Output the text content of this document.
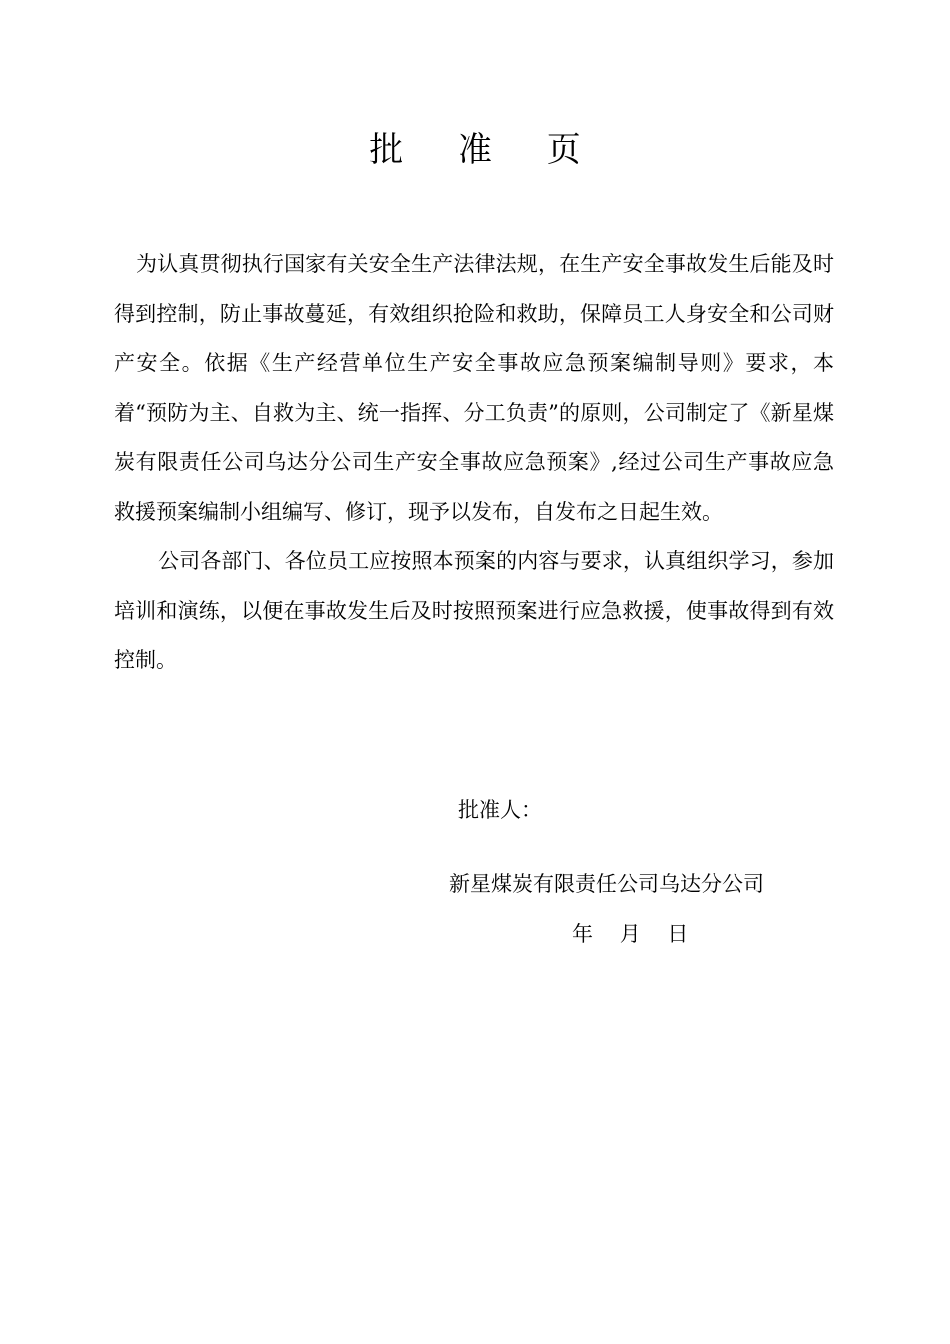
批 准 页

为认真贯彻执行国家有关安全生产法律法规，在生产安全事故发生后能及时得到控制，防止事故蔓延，有效组织抢险和救助，保障员工人身安全和公司财产安全。依据《生产经营单位生产安全事故应急预案编制导则》要求，本着“预防为主、自救为主、统一指挥、分工负责”的原则，公司制定了《新星煤炭有限责任公司乌达分公司生产安全事故应急预案》,经过公司生产事故应急救援预案编制小组编写、修订，现予以发布，自发布之日起生效。

公司各部门、各位员工应按照本预案的内容与要求，认真组织学习，参加培训和演练，以便在事故发生后及时按照预案进行应急救援，使事故得到有效控制。

批准人：
新星煤炭有限责任公司乌达分公司
年    月    日
